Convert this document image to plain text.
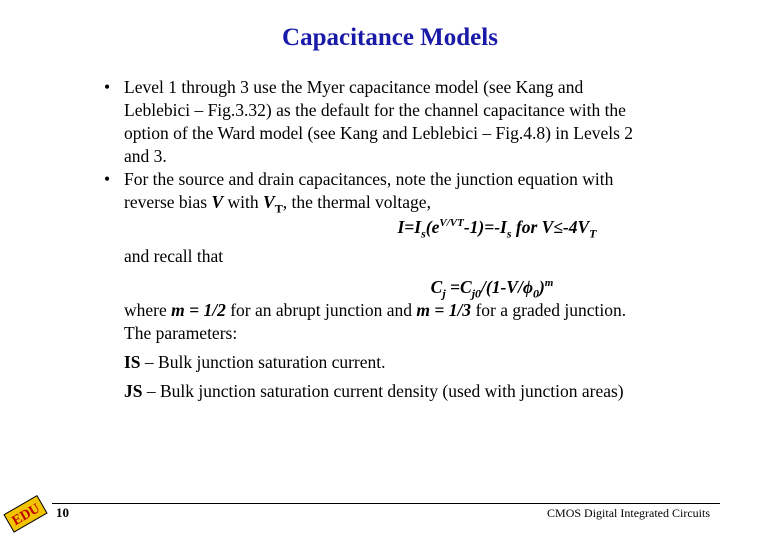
Capacitance Models
• Level 1 through 3 use the Myer capacitance model (see Kang and
Leblebici – Fig.3.32) as the default for the channel capacitance with the
option of the Ward model (see Kang and Leblebici – Fig.4.8) in Levels 2
and 3.
• For the source and drain capacitances, note the junction equation with
reverse bias V with $V_T$, the thermal voltage,
$I=I_s(e^{V/VT}-1)=-I_s$ for $V\le-4V_T$
and recall that
$C_j =C_{j0}/(1-V/\phi_0)^m$
where m = 1/2 for an abrupt junction and m = 1/3 for a graded junction.
The parameters:
IS – Bulk junction saturation current.
JS – Bulk junction saturation current density (used with junction areas)
EDU 10	CMOS Digital Integrated Circuits
